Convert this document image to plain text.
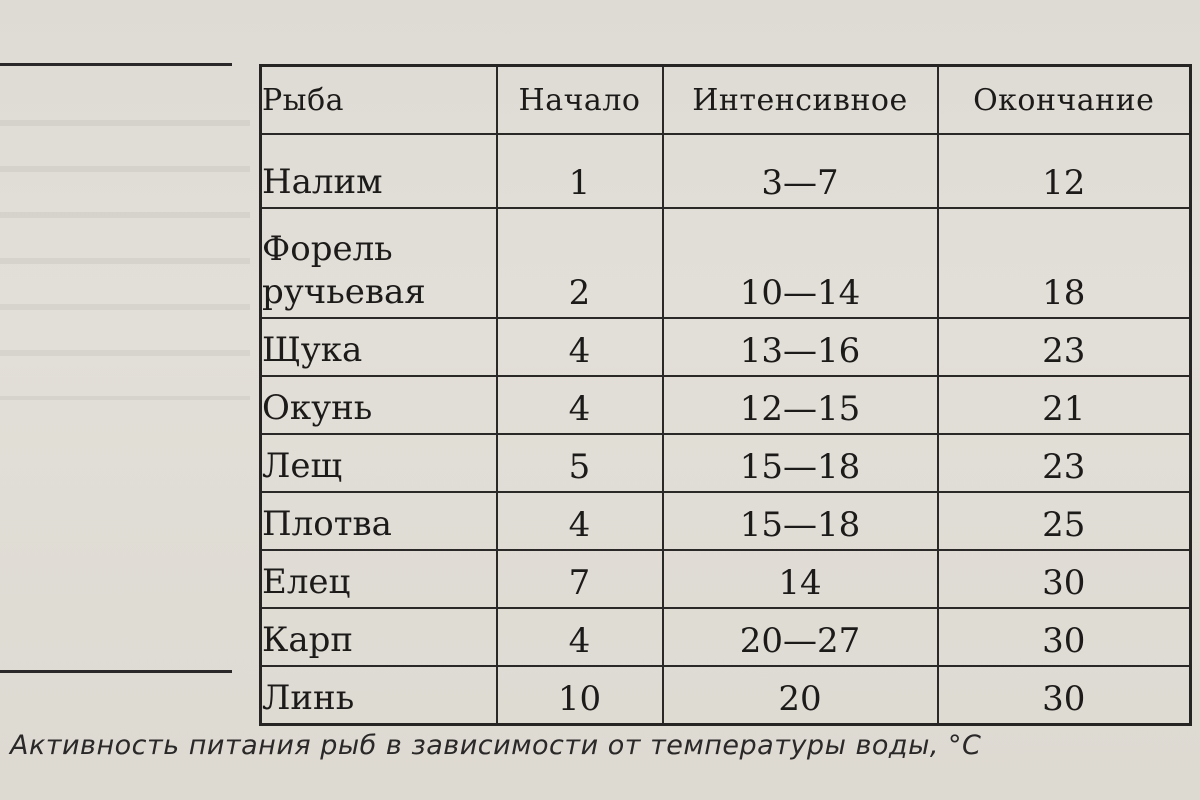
Рыба	Начало	Интенсивное	Окончание
Налим	1	3—7	12
Форель ручьевая	2	10—14	18
Щука	4	13—16	23
Окунь	4	12—15	21
Лещ	5	15—18	23
Плотва	4	15—18	25
Елец	7	14	30
Карп	4	20—27	30
Линь	10	20	30
Активность питания рыб в зависимости от температуры воды, °С
